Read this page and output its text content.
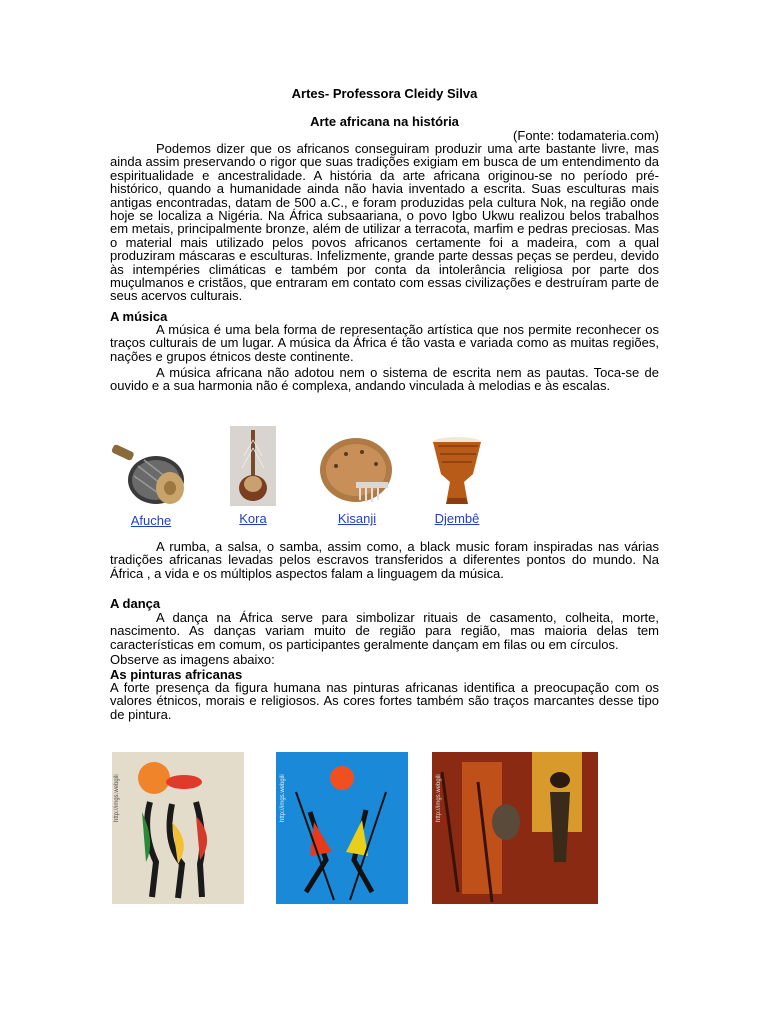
Artes- Professora Cleidy Silva
Arte africana na história
(Fonte: todamateria.com)
Podemos dizer que os africanos conseguiram produzir uma arte bastante livre, mas ainda assim preservando o rigor que suas tradições exigiam em busca de um entendimento da espiritualidade e ancestralidade. A história da arte africana originou-se no período pré-histórico, quando a humanidade ainda não havia inventado a escrita. Suas esculturas mais antigas encontradas, datam de 500 a.C., e foram produzidas pela cultura Nok, na região onde hoje se localiza a Nigéria. Na África subsaariana, o povo Igbo Ukwu realizou belos trabalhos em metais, principalmente bronze, além de utilizar a terracota, marfim e pedras preciosas. Mas o material mais utilizado pelos povos africanos certamente foi a madeira, com a qual produziram máscaras e esculturas. Infelizmente, grande parte dessas peças se perdeu, devido às intempéries climáticas e também por conta da intolerância religiosa por parte dos muçulmanos e cristãos, que entraram em contato com essas civilizações e destruíram parte de seus acervos culturais.
A música
A música é uma bela forma de representação artística que nos permite reconhecer os traços culturais de um lugar. A música da África é tão vasta e variada como as muitas regiões, nações e grupos étnicos deste continente.
A música africana não adotou nem o sistema de escrita nem as pautas. Toca-se de ouvido e a sua harmonia não é complexa, andando vinculada à melodias e às escalas.
A rumba, a salsa, o samba, assim como, a black music foram inspiradas nas várias tradições africanas levadas pelos escravos transferidos a diferentes pontos do mundo. Na África , a vida e os múltiplos aspectos falam a linguagem da música.
A dança
A dança na África serve para simbolizar rituais de casamento, colheita, morte, nascimento. As danças variam muito de região para região, mas maioria delas tem características em comum, os participantes geralmente dançam em filas ou em círculos.
Observe as imagens abaixo:
As pinturas africanas
A forte presença da figura humana nas pinturas africanas identifica a preocupação com os valores étnicos, morais e religiosos. As cores fortes também são traços marcantes desse tipo de pintura.
Afuche	Kora	Kisanji	Djembê
http://imgs.webgili	http://imgs.webgili	http://imgs.webgili
